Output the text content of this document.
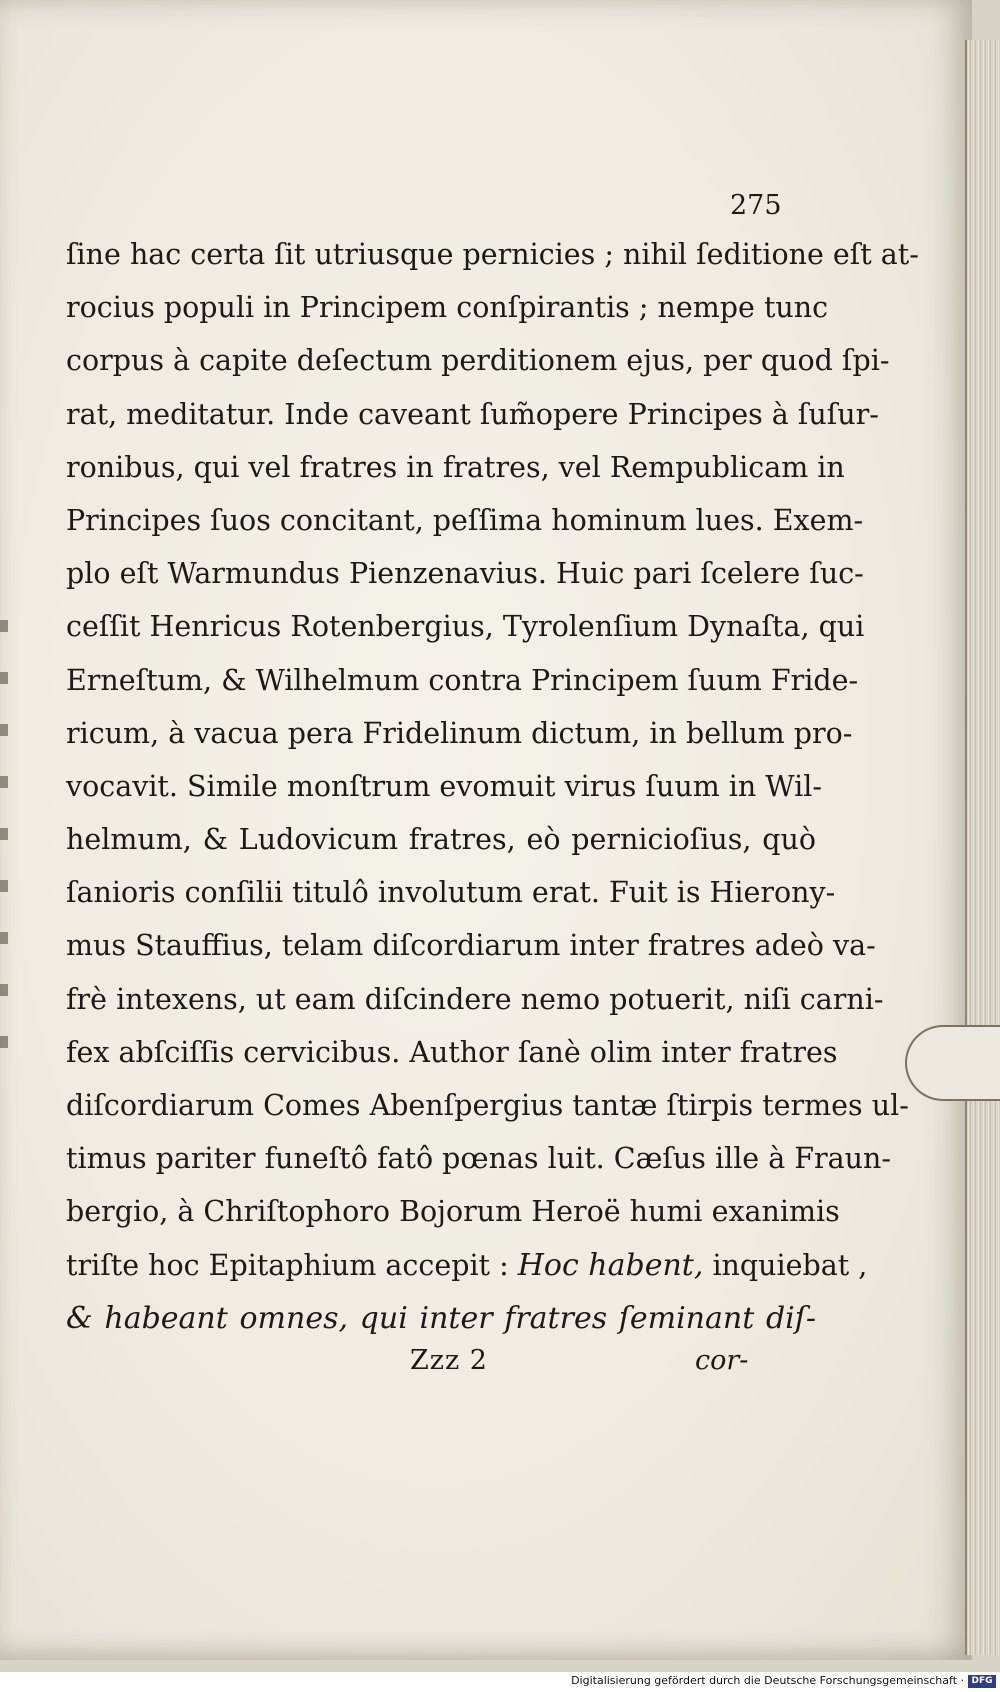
275
ſine hac certa ſit utriusque pernicies ; nihil ſeditione eſt at-
rocius populi in Principem conſpirantis ; nempe tunc
corpus à capite deſectum perditionem ejus, per quod ſpi-
rat, meditatur. Inde caveant ſum̃opere Principes à ſuſur-
ronibus, qui vel fratres in fratres, vel Rempublicam in
Principes ſuos concitant, peſſima hominum lues. Exem-
plo eſt Warmundus Pienzenavius. Huic pari ſcelere ſuc-
ceſſit Henricus Rotenbergius, Tyrolenſium Dynaſta, qui
Erneſtum, & Wilhelmum contra Principem ſuum Fride-
ricum, à vacua pera Fridelinum dictum, in bellum pro-
vocavit. Simile monſtrum evomuit virus ſuum in Wil-
helmum, & Ludovicum fratres, eò pernicioſius, quò
ſanioris conſilii titulô involutum erat. Fuit is Hierony-
mus Stauffius, telam diſcordiarum inter fratres adeò va-
frè intexens, ut eam diſcindere nemo potuerit, niſi carni-
fex abſciſſis cervicibus. Author ſanè olim inter fratres
diſcordiarum Comes Abenſpergius tantæ ſtirpis termes ul-
timus pariter funeſtô fatô pœnas luit. Cæſus ille à Fraun-
bergio, à Chriſtophoro Bojorum Heroë humi exanimis
triſte hoc Epitaphium accepit : Hoc habent, inquiebat ,
& habeant omnes, qui inter fratres ſeminant diſ-
Zzz 2	cor-
Digitalisierung gefördert durch die Deutsche Forschungsgemeinschaft · DFG
